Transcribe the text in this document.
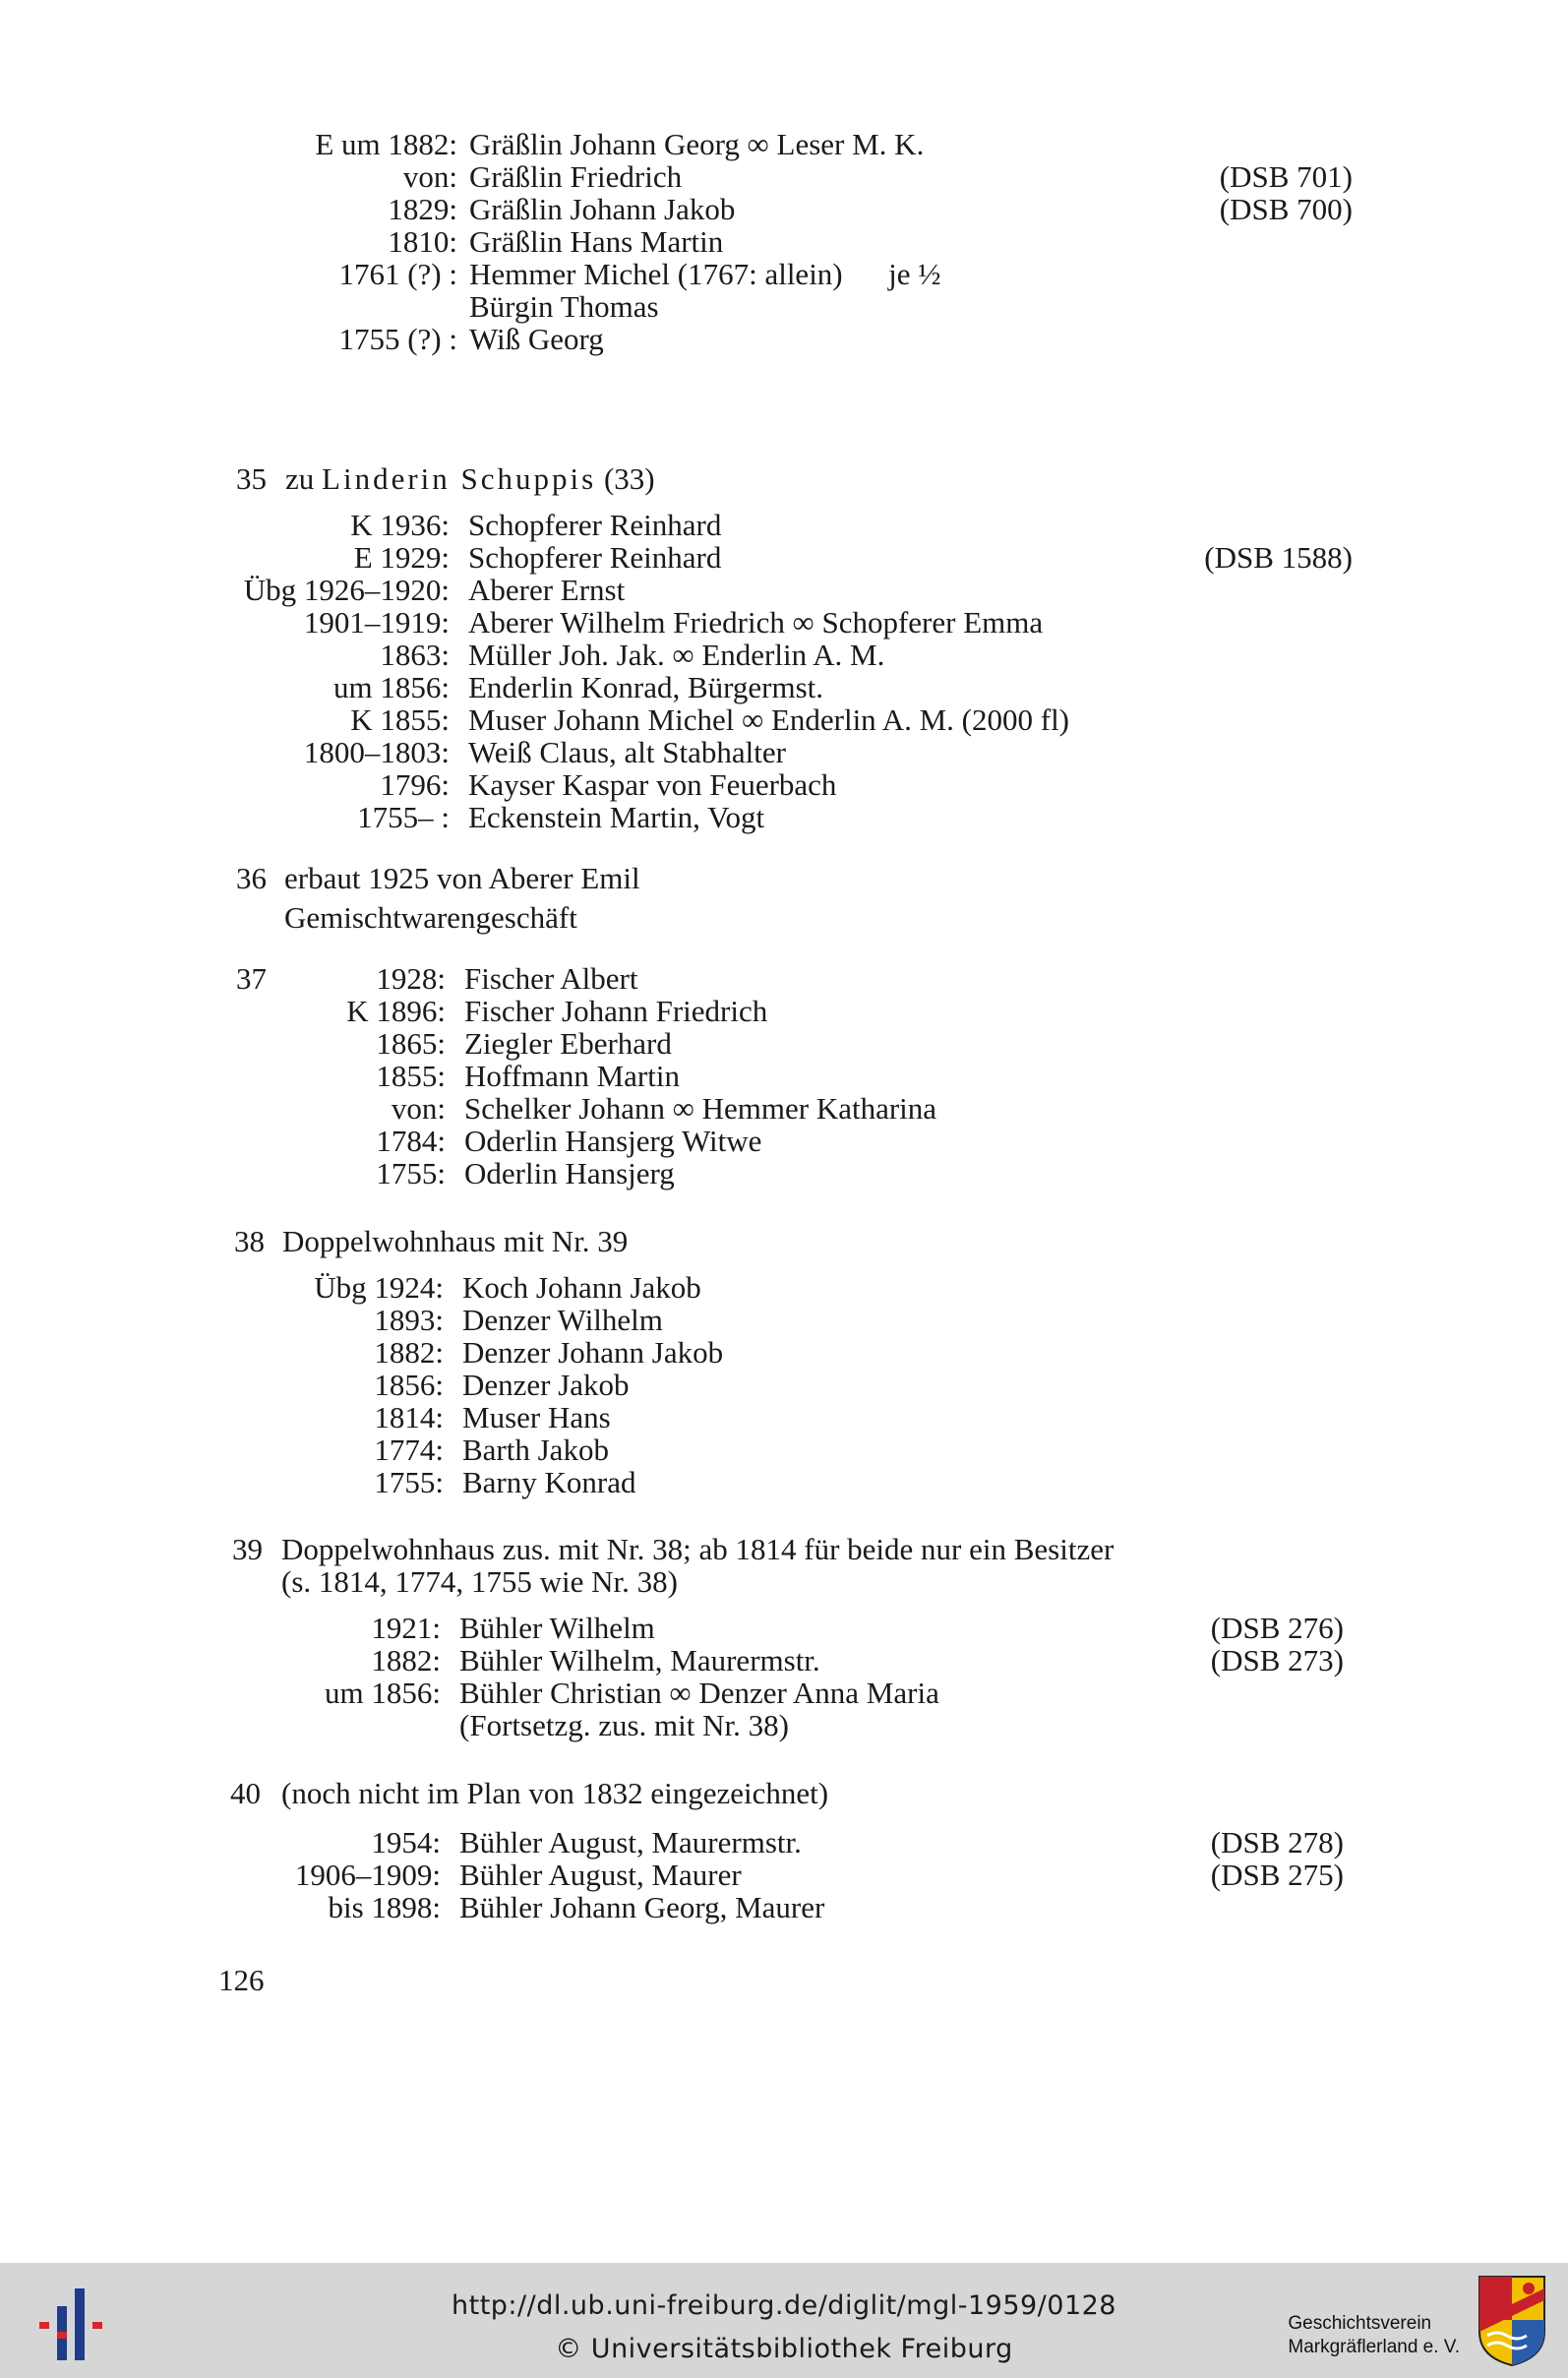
E um 1882: Gräßlin Johann Georg ∞ Leser M. K.
von: Gräßlin Friedrich	(DSB 701)
1829: Gräßlin Johann Jakob	(DSB 700)
1810: Gräßlin Hans Martin
1761 (?) : Hemmer Michel (1767: allein)      je ½
Bürgin Thomas
1755 (?) : Wiß Georg
35 zu Linderin Schuppis (33)
K 1936: Schopferer Reinhard
E 1929: Schopferer Reinhard	(DSB 1588)
Übg 1926–1920: Aberer Ernst
1901–1919: Aberer Wilhelm Friedrich ∞ Schopferer Emma
1863: Müller Joh. Jak. ∞ Enderlin A. M.
um 1856: Enderlin Konrad, Bürgermst.
K 1855: Muser Johann Michel ∞ Enderlin A. M. (2000 fl)
1800–1803: Weiß Claus, alt Stabhalter
1796: Kayser Kaspar von Feuerbach
1755– : Eckenstein Martin, Vogt
36 erbaut 1925 von Aberer Emil
Gemischtwarengeschäft
37	1928: Fischer Albert
K 1896: Fischer Johann Friedrich
1865: Ziegler Eberhard
1855: Hoffmann Martin
von: Schelker Johann ∞ Hemmer Katharina
1784: Oderlin Hansjerg Witwe
1755: Oderlin Hansjerg
38 Doppelwohnhaus mit Nr. 39
Übg 1924: Koch Johann Jakob
1893: Denzer Wilhelm
1882: Denzer Johann Jakob
1856: Denzer Jakob
1814: Muser Hans
1774: Barth Jakob
1755: Barny Konrad
39 Doppelwohnhaus zus. mit Nr. 38; ab 1814 für beide nur ein Besitzer
(s. 1814, 1774, 1755 wie Nr. 38)
1921: Bühler Wilhelm	(DSB 276)
1882: Bühler Wilhelm, Maurermstr.	(DSB 273)
um 1856: Bühler Christian ∞ Denzer Anna Maria
(Fortsetzg. zus. mit Nr. 38)
40 (noch nicht im Plan von 1832 eingezeichnet)
1954: Bühler August, Maurermstr.	(DSB 278)
1906–1909: Bühler August, Maurer	(DSB 275)
bis 1898: Bühler Johann Georg, Maurer
126
http://dl.ub.uni-freiburg.de/diglit/mgl-1959/0128
© Universitätsbibliothek Freiburg
Geschichtsverein
Markgräflerland e. V.
